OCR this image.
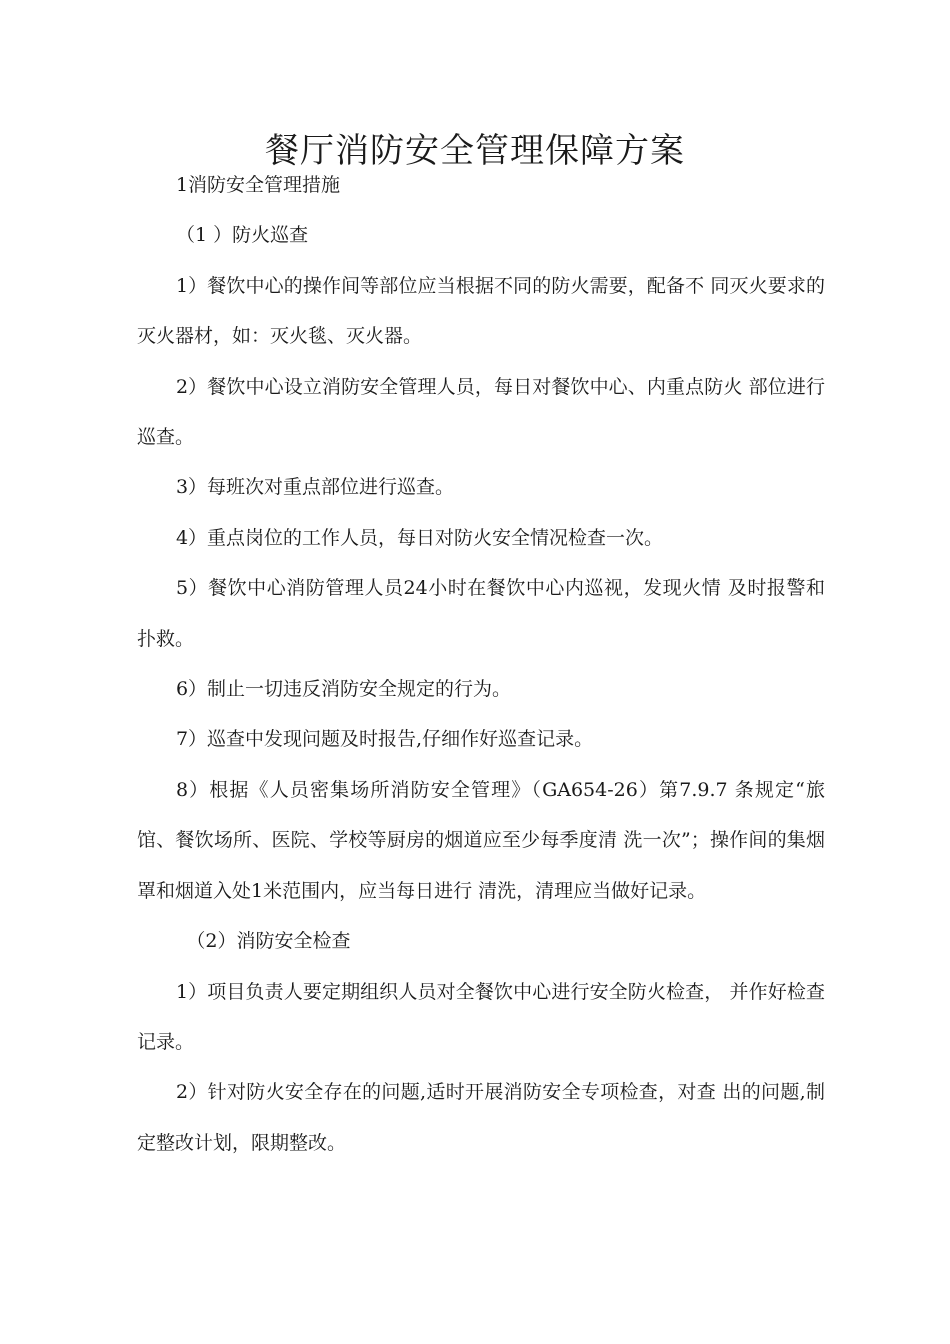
餐厅消防安全管理保障方案

1消防安全管理措施

（1 ）防火巡查

1）餐饮中心的操作间等部位应当根据不同的防火需要，配备不 同灭火要求的灭火器材，如：灭火毯、灭火器。

2）餐饮中心设立消防安全管理人员，每日对餐饮中心、内重点防火 部位进行巡查。

3）每班次对重点部位进行巡查。

4）重点岗位的工作人员，每日对防火安全情况检查一次。

5）餐饮中心消防管理人员24小时在餐饮中心内巡视，发现火情 及时报警和扑救。

6）制止一切违反消防安全规定的行为。

7）巡查中发现问题及时报告,仔细作好巡查记录。

8）根据《人员密集场所消防安全管理》（GA654-26）第7.9.7 条规定“旅馆、餐饮场所、医院、学校等厨房的烟道应至少每季度清 洗一次”；操作间的集烟罩和烟道入处1米范围内，应当每日进行 清洗，清理应当做好记录。

（2）消防安全检查

1）项目负责人要定期组织人员对全餐饮中心进行安全防火检查， 并作好检查记录。

2）针对防火安全存在的问题,适时开展消防安全专项检查，对查 出的问题,制定整改计划，限期整改。
